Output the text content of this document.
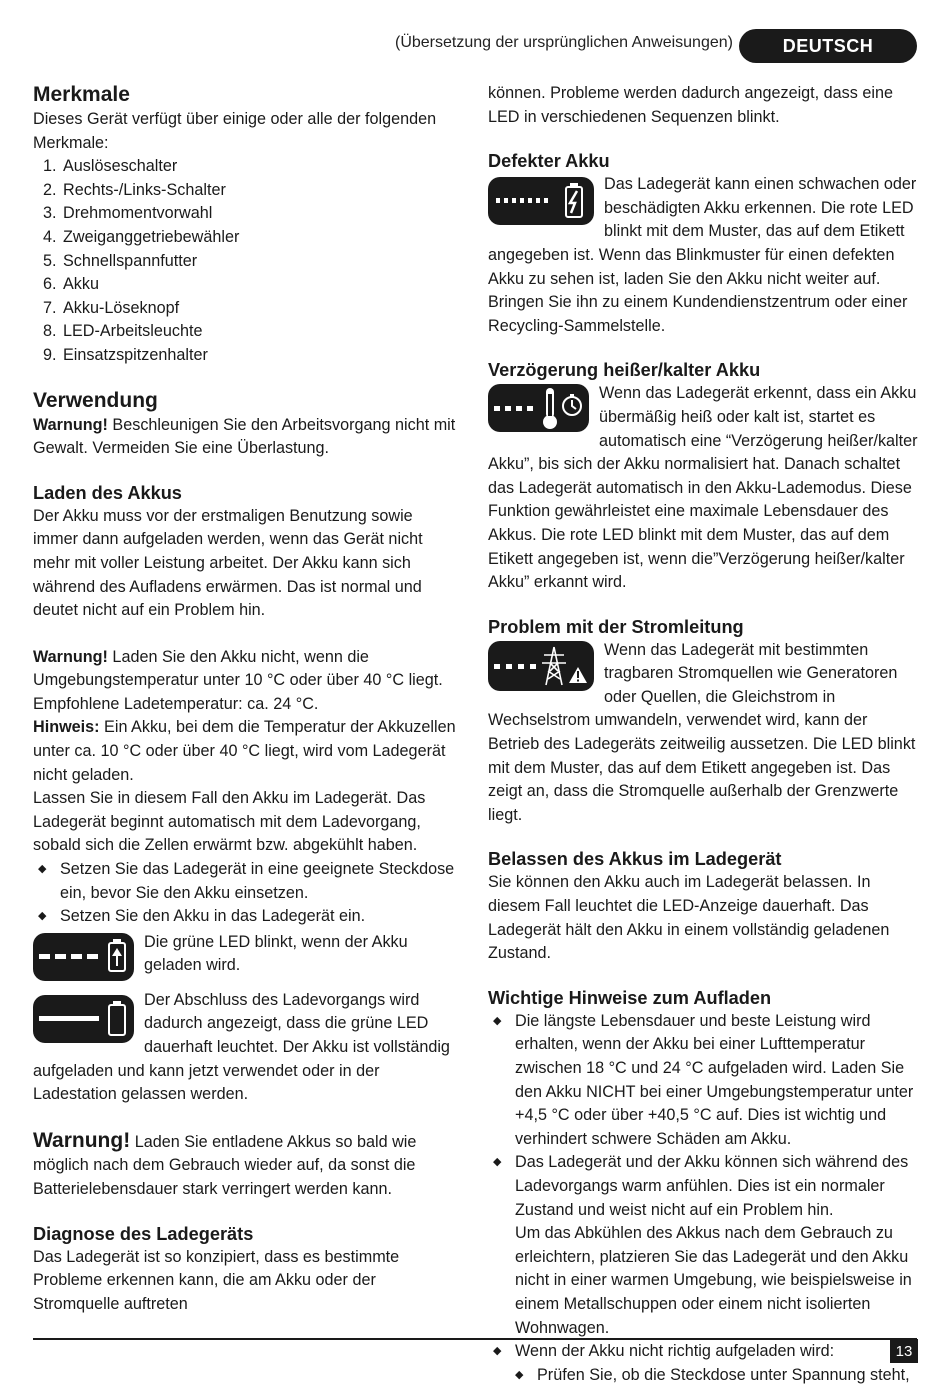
(Übersetzung der ursprünglichen Anweisungen)	DEUTSCH
Merkmale

Dieses Gerät verfügt über einige oder alle der folgenden Merkmale:

1. Auslöseschalter
2. Rechts-/Links-Schalter
3. Drehmomentvorwahl
4. Zweiganggetriebewähler
5. Schnellspannfutter
6. Akku
7. Akku-Löseknopf
8. LED-Arbeitsleuchte
9. Einsatzspitzenhalter
Verwendung

Warnung! Beschleunigen Sie den Arbeitsvorgang nicht mit Gewalt. Vermeiden Sie eine Überlastung.

Laden des Akkus

Der Akku muss vor der erstmaligen Benutzung sowie immer dann aufgeladen werden, wenn das Gerät nicht mehr mit voller Leistung arbeitet. Der Akku kann sich während des Aufladens erwärmen. Das ist normal und deutet nicht auf ein Problem hin.

Warnung! Laden Sie den Akku nicht, wenn die Umgebungstemperatur unter 10 °C oder über 40 °C liegt. Empfohlene Ladetemperatur: ca. 24 °C.

Hinweis: Ein Akku, bei dem die Temperatur der Akkuzellen unter ca. 10 °C oder über 40 °C liegt, wird vom Ladegerät nicht geladen.

Lassen Sie in diesem Fall den Akku im Ladegerät. Das Ladegerät beginnt automatisch mit dem Ladevorgang, sobald sich die Zellen erwärmt bzw. abgekühlt haben.

◆ Setzen Sie das Ladegerät in eine geeignete Steckdose ein, bevor Sie den Akku einsetzen.
◆ Setzen Sie den Akku in das Ladegerät ein.

Die grüne LED blinkt, wenn der Akku geladen wird.

Der Abschluss des Ladevorgangs wird dadurch angezeigt, dass die grüne LED dauerhaft leuchtet. Der Akku ist vollständig aufgeladen und kann jetzt verwendet oder in der Ladestation gelassen werden.

Warnung! Laden Sie entladene Akkus so bald wie möglich nach dem Gebrauch wieder auf, da sonst die Batterielebensdauer stark verringert werden kann.

Diagnose des Ladegeräts

Das Ladegerät ist so konzipiert, dass es bestimmte Probleme erkennen kann, die am Akku oder der Stromquelle auftreten

können. Probleme werden dadurch angezeigt, dass eine LED in verschiedenen Sequenzen blinkt.

Defekter Akku

Das Ladegerät kann einen schwachen oder beschädigten Akku erkennen. Die rote LED blinkt mit dem Muster, das auf dem Etikett angegeben ist. Wenn das Blinkmuster für einen defekten Akku zu sehen ist, laden Sie den Akku nicht weiter auf. Bringen Sie ihn zu einem Kundendienstzentrum oder einer Recycling-Sammelstelle.

Verzögerung heißer/kalter Akku

Wenn das Ladegerät erkennt, dass ein Akku übermäßig heiß oder kalt ist, startet es automatisch eine “Verzögerung heißer/kalter Akku”, bis sich der Akku normalisiert hat. Danach schaltet das Ladegerät automatisch in den Akku-Lademodus. Diese Funktion gewährleistet eine maximale Lebensdauer des Akkus. Die rote LED blinkt mit dem Muster, das auf dem Etikett angegeben ist, wenn die”Verzögerung heißer/kalter Akku” erkannt wird.

Problem mit der Stromleitung

Wenn das Ladegerät mit bestimmten tragbaren Stromquellen wie Generatoren oder Quellen, die Gleichstrom in Wechselstrom umwandeln, verwendet wird, kann der Betrieb des Ladegeräts zeitweilig aussetzen. Die LED blinkt mit dem Muster, das auf dem Etikett angegeben ist. Das zeigt an, dass die Stromquelle außerhalb der Grenzwerte liegt.

Belassen des Akkus im Ladegerät

Sie können den Akku auch im Ladegerät belassen. In diesem Fall leuchtet die LED-Anzeige dauerhaft. Das Ladegerät hält den Akku in einem vollständig geladenen Zustand.

Wichtige Hinweise zum Aufladen
◆ Die längste Lebensdauer und beste Leistung wird erhalten, wenn der Akku bei einer Lufttemperatur zwischen 18 °C und 24 °C aufgeladen wird. Laden Sie den Akku NICHT bei einer Umgebungstemperatur unter +4,5 °C oder über +40,5 °C auf. Dies ist wichtig und verhindert schwere Schäden am Akku.
◆ Das Ladegerät und der Akku können sich während des Ladevorgangs warm anfühlen. Dies ist ein normaler Zustand und weist nicht auf ein Problem hin.
Um das Abkühlen des Akkus nach dem Gebrauch zu erleichtern, platzieren Sie das Ladegerät und den Akku nicht in einer warmen Umgebung, wie beispielsweise in einem Metallschuppen oder einem nicht isolierten Wohnwagen.
◆ Wenn der Akku nicht richtig aufgeladen wird:
◆ Prüfen Sie, ob die Steckdose unter Spannung steht,
13
